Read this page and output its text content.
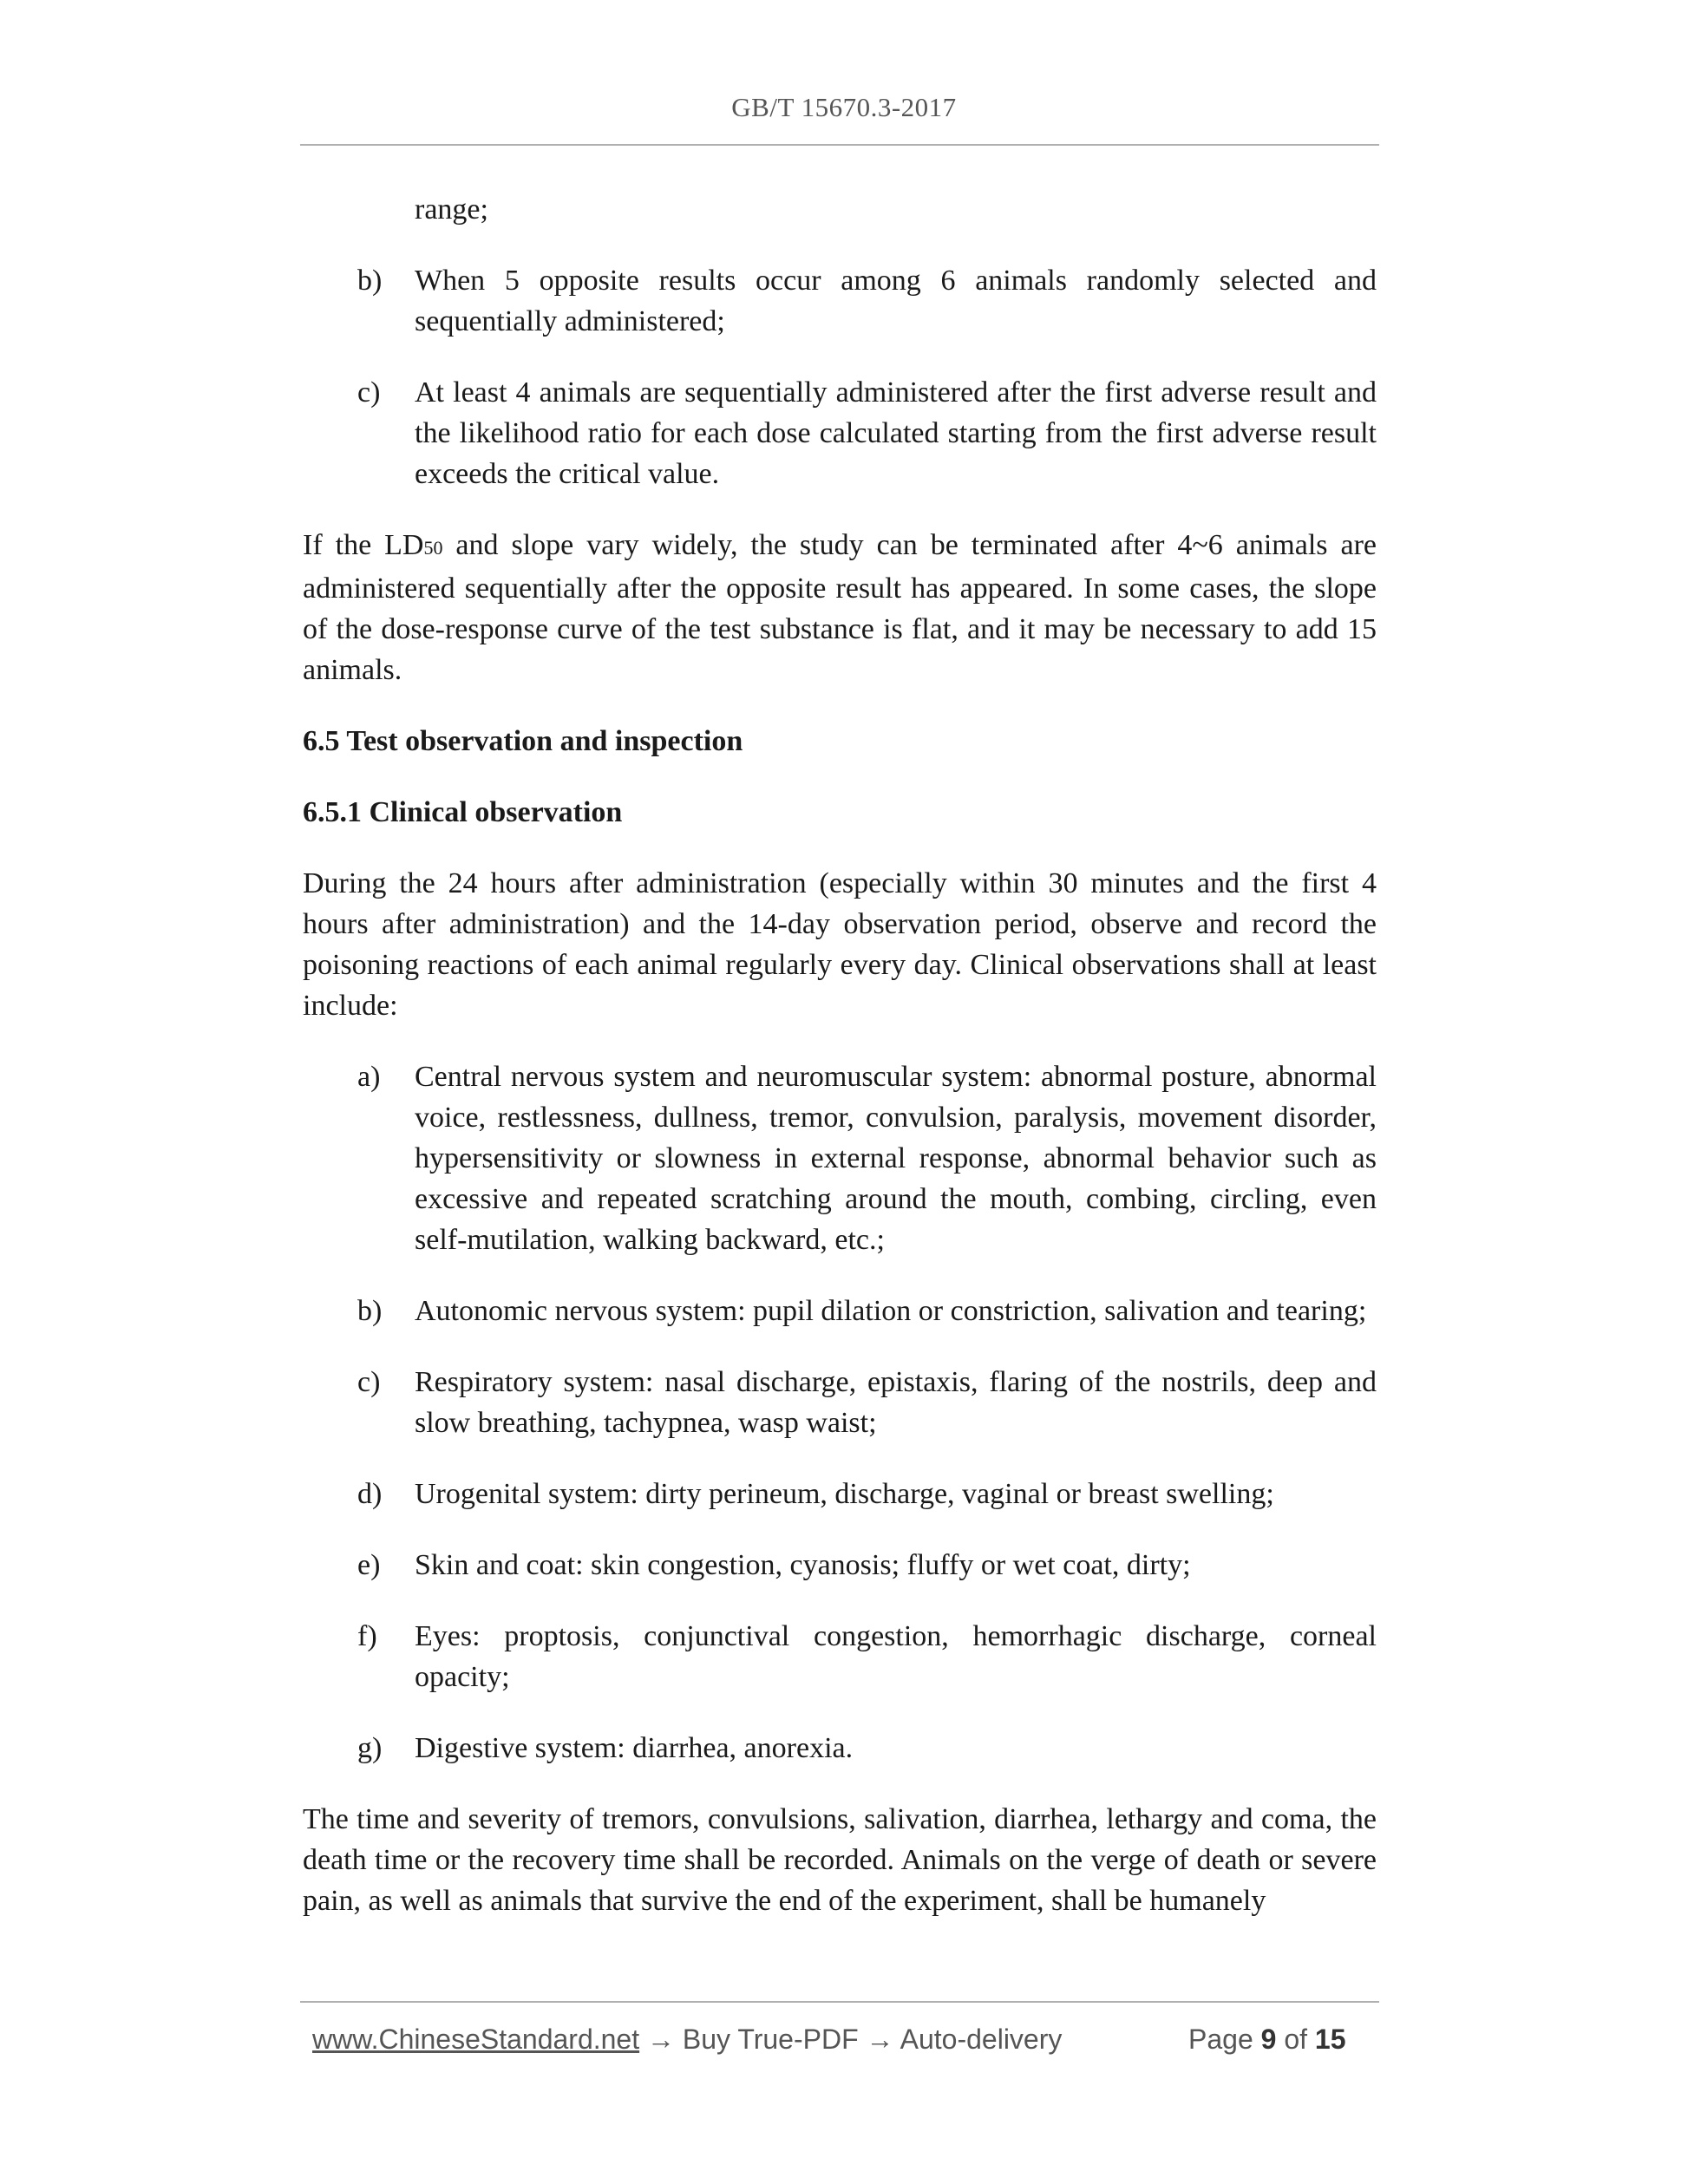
GB/T 15670.3-2017

range;

b)	When 5 opposite results occur among 6 animals randomly selected and sequentially administered;
c)	At least 4 animals are sequentially administered after the first adverse result and the likelihood ratio for each dose calculated starting from the first adverse result exceeds the critical value.

If the LD50 and slope vary widely, the study can be terminated after 4~6 animals are administered sequentially after the opposite result has appeared. In some cases, the slope of the dose-response curve of the test substance is flat, and it may be necessary to add 15 animals.

6.5 Test observation and inspection

6.5.1 Clinical observation

During the 24 hours after administration (especially within 30 minutes and the first 4 hours after administration) and the 14-day observation period, observe and record the poisoning reactions of each animal regularly every day. Clinical observations shall at least include:

a)	Central nervous system and neuromuscular system: abnormal posture, abnormal voice, restlessness, dullness, tremor, convulsion, paralysis, movement disorder, hypersensitivity or slowness in external response, abnormal behavior such as excessive and repeated scratching around the mouth, combing, circling, even self-mutilation, walking backward, etc.;
b)	Autonomic nervous system: pupil dilation or constriction, salivation and tearing;
c)	Respiratory system: nasal discharge, epistaxis, flaring of the nostrils, deep and slow breathing, tachypnea, wasp waist;
d)	Urogenital system: dirty perineum, discharge, vaginal or breast swelling;
e)	Skin and coat: skin congestion, cyanosis; fluffy or wet coat, dirty;
f)	Eyes: proptosis, conjunctival congestion, hemorrhagic discharge, corneal opacity;
g)	Digestive system: diarrhea, anorexia.

The time and severity of tremors, convulsions, salivation, diarrhea, lethargy and coma, the death time or the recovery time shall be recorded. Animals on the verge of death or severe pain, as well as animals that survive the end of the experiment, shall be humanely

www.ChineseStandard.net → Buy True-PDF → Auto-delivery	Page 9 of 15
